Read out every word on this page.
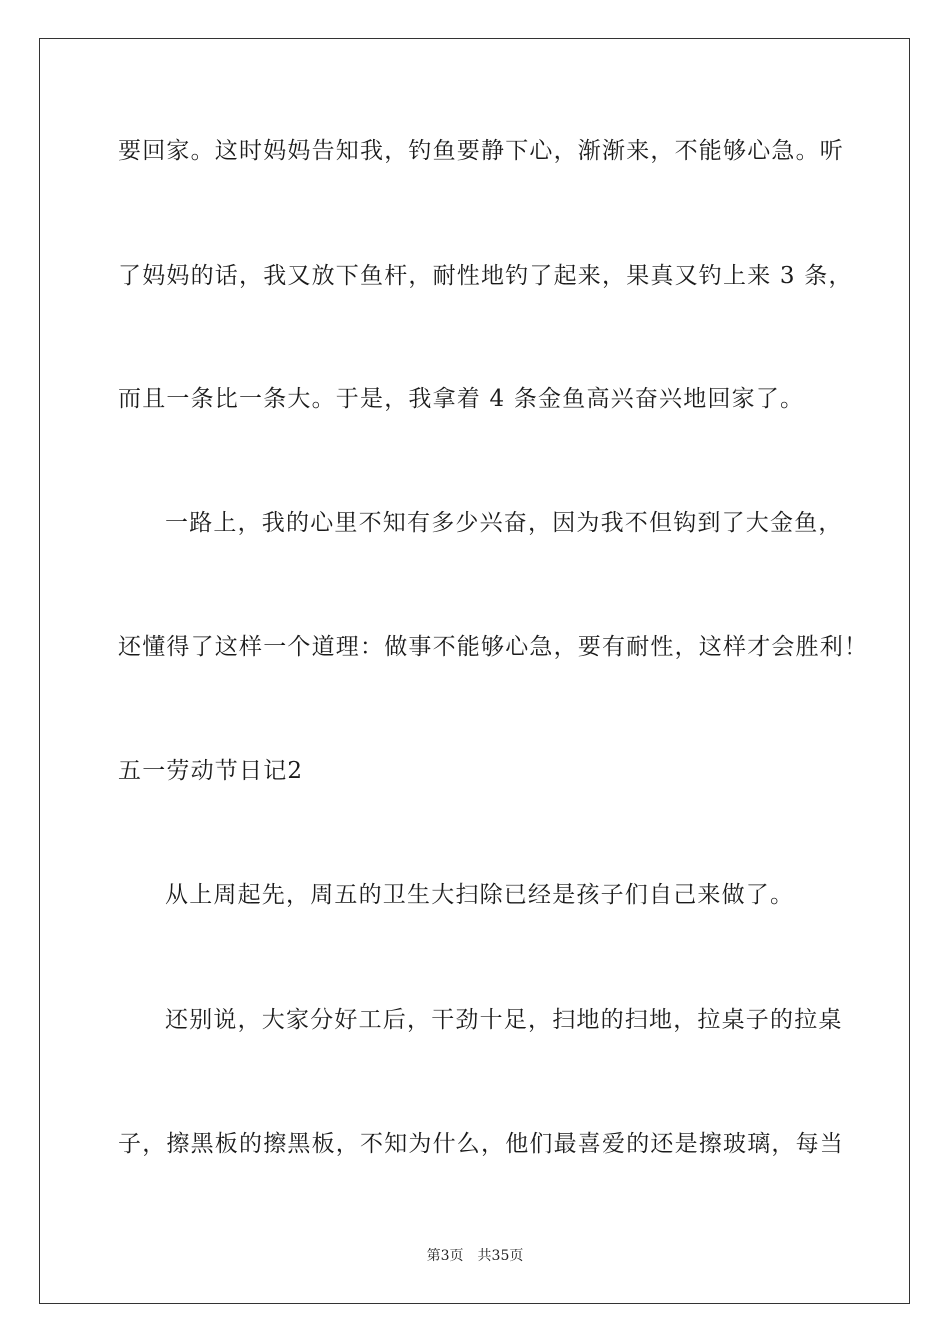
要回家。这时妈妈告知我，钓鱼要静下心，渐渐来，不能够心急。听
了妈妈的话，我又放下鱼杆，耐性地钓了起来，果真又钓上来 3 条，
而且一条比一条大。于是，我拿着 4 条金鱼高兴奋兴地回家了。
一路上，我的心里不知有多少兴奋，因为我不但钩到了大金鱼，
还懂得了这样一个道理：做事不能够心急，要有耐性，这样才会胜利！
五一劳动节日记2
从上周起先，周五的卫生大扫除已经是孩子们自己来做了。
还别说，大家分好工后，干劲十足，扫地的扫地，拉桌子的拉桌
子，擦黑板的擦黑板，不知为什么，他们最喜爱的还是擦玻璃，每当
第3页 共35页
